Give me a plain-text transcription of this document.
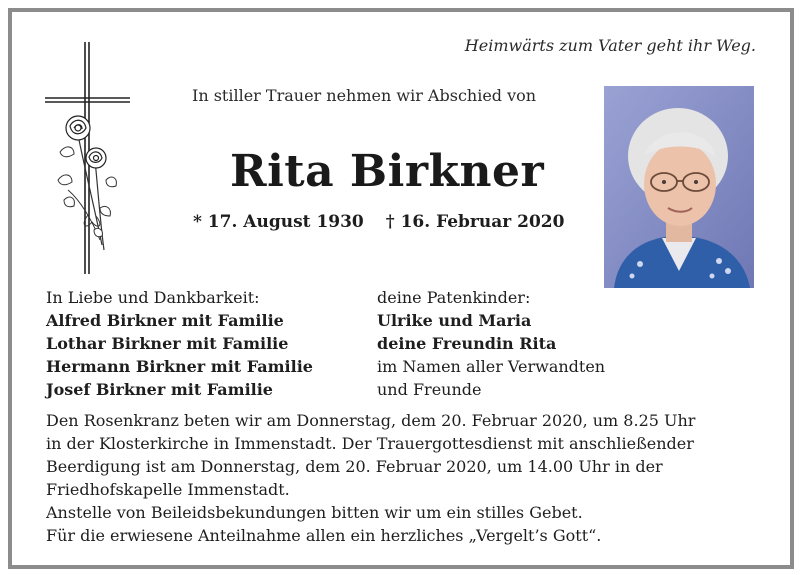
Heimwärts zum Vater geht ihr Weg.
In stiller Trauer nehmen wir Abschied von
Rita Birkner
* 17. August 1930 † 16. Februar 2020
In Liebe und Dankbarkeit:
Alfred Birkner mit Familie
Lothar Birkner mit Familie
Hermann Birkner mit Familie
Josef Birkner mit Familie
deine Patenkinder:
Ulrike und Maria
deine Freundin Rita
im Namen aller Verwandten
und Freunde
Den Rosenkranz beten wir am Donnerstag, dem 20. Februar 2020, um 8.25 Uhr
in der Klosterkirche in Immenstadt. Der Trauergottesdienst mit anschließender
Beerdigung ist am Donnerstag, dem 20. Februar 2020, um 14.00 Uhr in der
Friedhofskapelle Immenstadt.
Anstelle von Beileidsbekundungen bitten wir um ein stilles Gebet.
Für die erwiesene Anteilnahme allen ein herzliches „Vergelt’s Gott“.
